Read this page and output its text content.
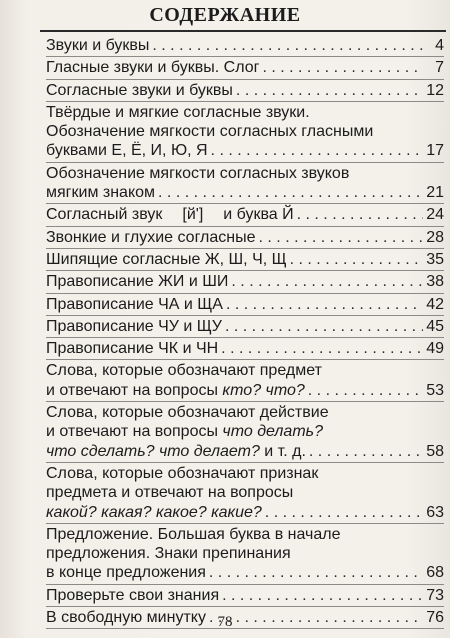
СОДЕРЖАНИЕ
Звуки и буквы . . .	4
Гласные звуки и буквы. Слог . . .	7
Согласные звуки и буквы . . .	12
Твёрдые и мягкие согласные звуки.
Обозначение мягкости согласных гласными
буквами Е, Ё, И, Ю, Я . . .	17
Обозначение мягкости согласных звуков
мягким знаком . . .	21
Согласный звук [й'] и буква Й . . .	24
Звонкие и глухие согласные . . .	28
Шипящие согласные Ж, Ш, Ч, Щ . . .	35
Правописание ЖИ и ШИ . . .	38
Правописание ЧА и ЩА . . .	42
Правописание ЧУ и ЩУ . . .	45
Правописание ЧК и ЧН . . .	49
Слова, которые обозначают предмет
и отвечают на вопросы
кто? что? . . .	53
Слова, которые обозначают действие
и отвечают на вопросы
что делать?
что сделать? что делает?
и т. д. . . .	58
Слова, которые обозначают признак
предмета и отвечают на вопросы
какой? какая? какое? какие? . . .	63
Предложение. Большая буква в начале
предложения. Знаки препинания
в конце предложения . . .	68
Проверьте свои знания . . .	73
В свободную минутку . . .	76
78
